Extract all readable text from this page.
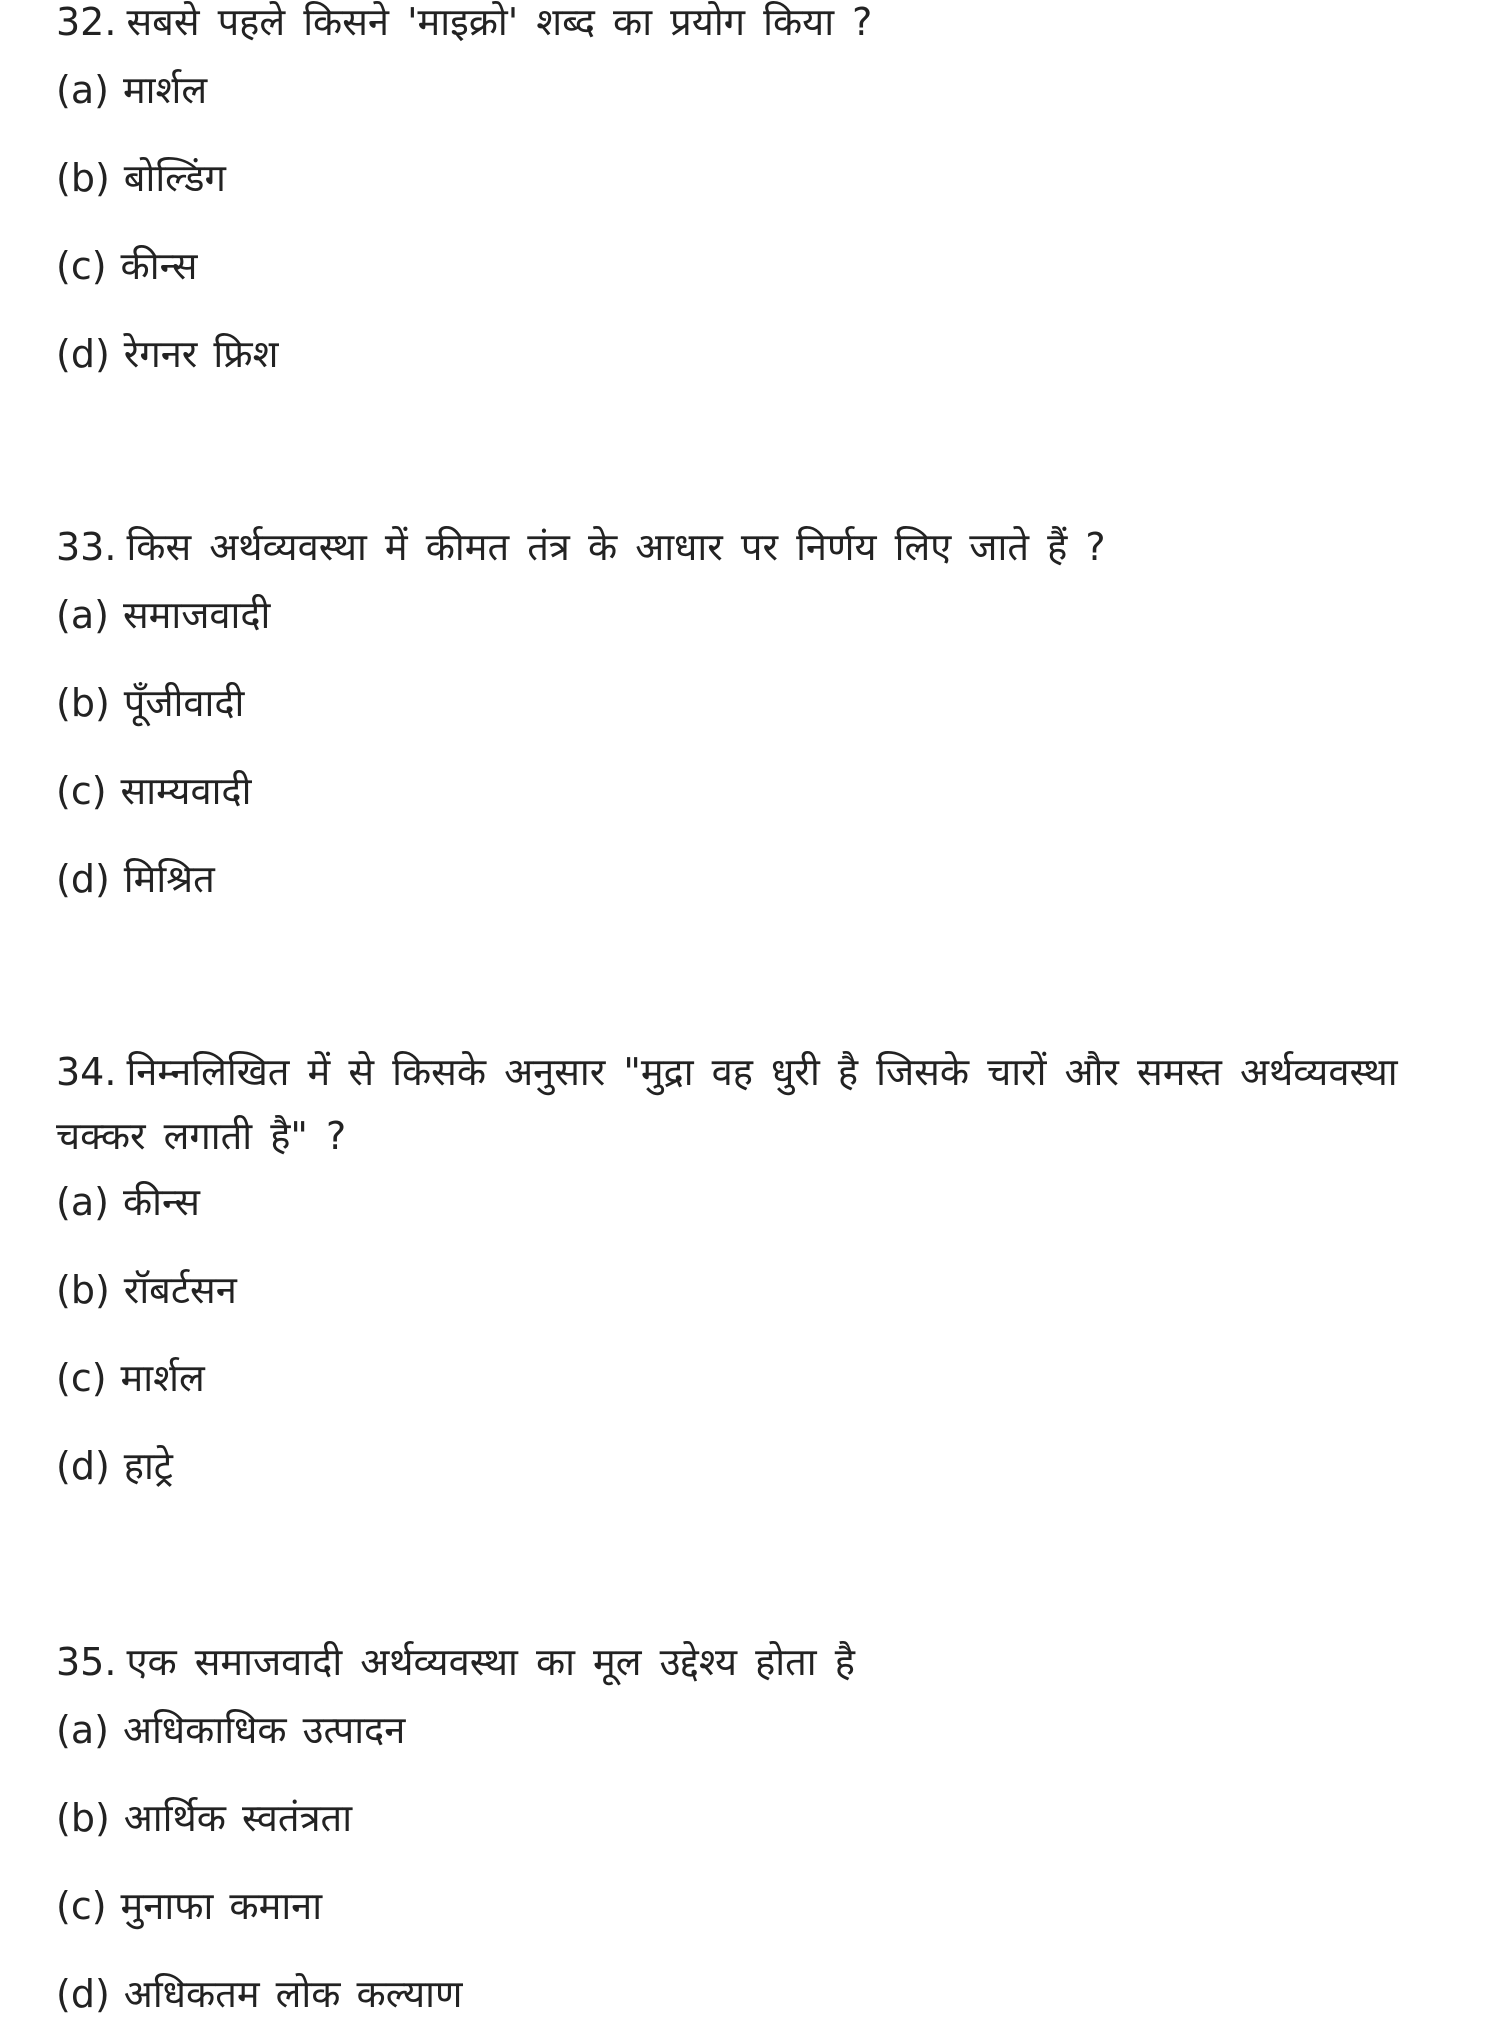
32. सबसे पहले किसने 'माइक्रो' शब्द का प्रयोग किया ?

(a) मार्शल

(b) बोल्डिंग

(c) कीन्स

(d) रेगनर फ्रिश

33. किस अर्थव्यवस्था में कीमत तंत्र के आधार पर निर्णय लिए जाते हैं ?

(a) समाजवादी

(b) पूँजीवादी

(c) साम्यवादी

(d) मिश्रित

34. निम्नलिखित में से किसके अनुसार "मुद्रा वह धुरी है जिसके चारों और समस्त अर्थव्यवस्था चक्कर लगाती है" ?

(a) कीन्स

(b) रॉबर्टसन

(c) मार्शल

(d) हाट्रे

35. एक समाजवादी अर्थव्यवस्था का मूल उद्देश्य होता है

(a) अधिकाधिक उत्पादन

(b) आर्थिक स्वतंत्रता

(c) मुनाफा कमाना

(d) अधिकतम लोक कल्याण
